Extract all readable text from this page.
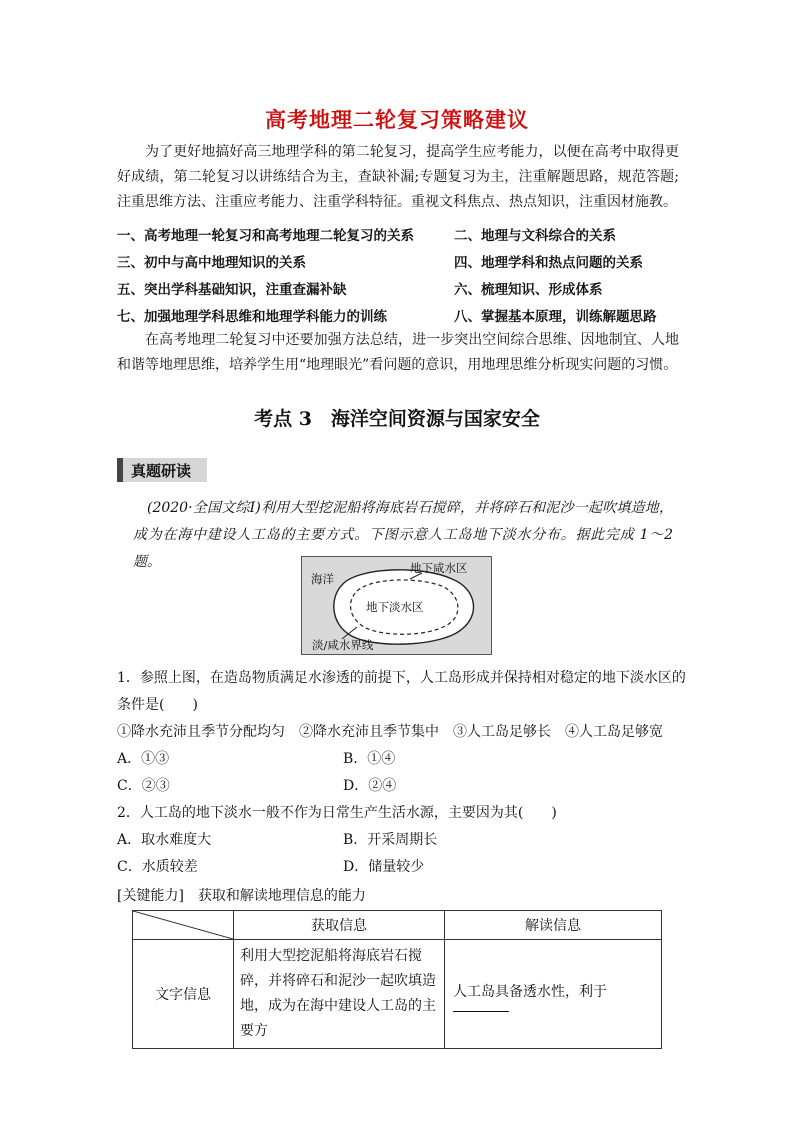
高考地理二轮复习策略建议
为了更好地搞好高三地理学科的第二轮复习，提高学生应考能力，以便在高考中取得更好成绩，第二轮复习以讲练结合为主，查缺补漏;专题复习为主，注重解题思路，规范答题;注重思维方法、注重应考能力、注重学科特征。重视文科焦点、热点知识，注重因材施教。
一、高考地理一轮复习和高考地理二轮复习的关系	二、地理与文科综合的关系
三、初中与高中地理知识的关系	四、地理学科和热点问题的关系
五、突出学科基础知识，注重查漏补缺	六、梳理知识、形成体系
七、加强地理学科思维和地理学科能力的训练	八、掌握基本原理，训练解题思路
在高考地理二轮复习中还要加强方法总结，进一步突出空间综合思维、因地制宜、人地和谐等地理思维，培养学生用“地理眼光”看问题的意识，用地理思维分析现实问题的习惯。
考点 3　海洋空间资源与国家安全
真题研读
(2020·全国文综Ⅰ)利用大型挖泥船将海底岩石搅碎，并将碎石和泥沙一起吹填造地，成为在海中建设人工岛的主要方式。下图示意人工岛地下淡水分布。据此完成 1～2 题。
海洋
地下咸水区
地下淡水区
淡/咸水界线
1．参照上图，在造岛物质满足水渗透的前提下，人工岛形成并保持相对稳定的地下淡水区的
条件是(　　)
①降水充沛且季节分配均匀　②降水充沛且季节集中　③人工岛足够长　④人工岛足够宽
A．①③	B．①④
C．②③	D．②④
2．人工岛的地下淡水一般不作为日常生产生活水源，主要因为其(　　)
A．取水难度大	B．开采周期长
C．水质较差	D．储量较少
[关键能力]　获取和解读地理信息的能力
	获取信息	解读信息
文字信息	利用大型挖泥船将海底岩石搅碎，并将碎石和泥沙一起吹填造地，成为在海中建设人工岛的主要方	人工岛具备透水性，利于
